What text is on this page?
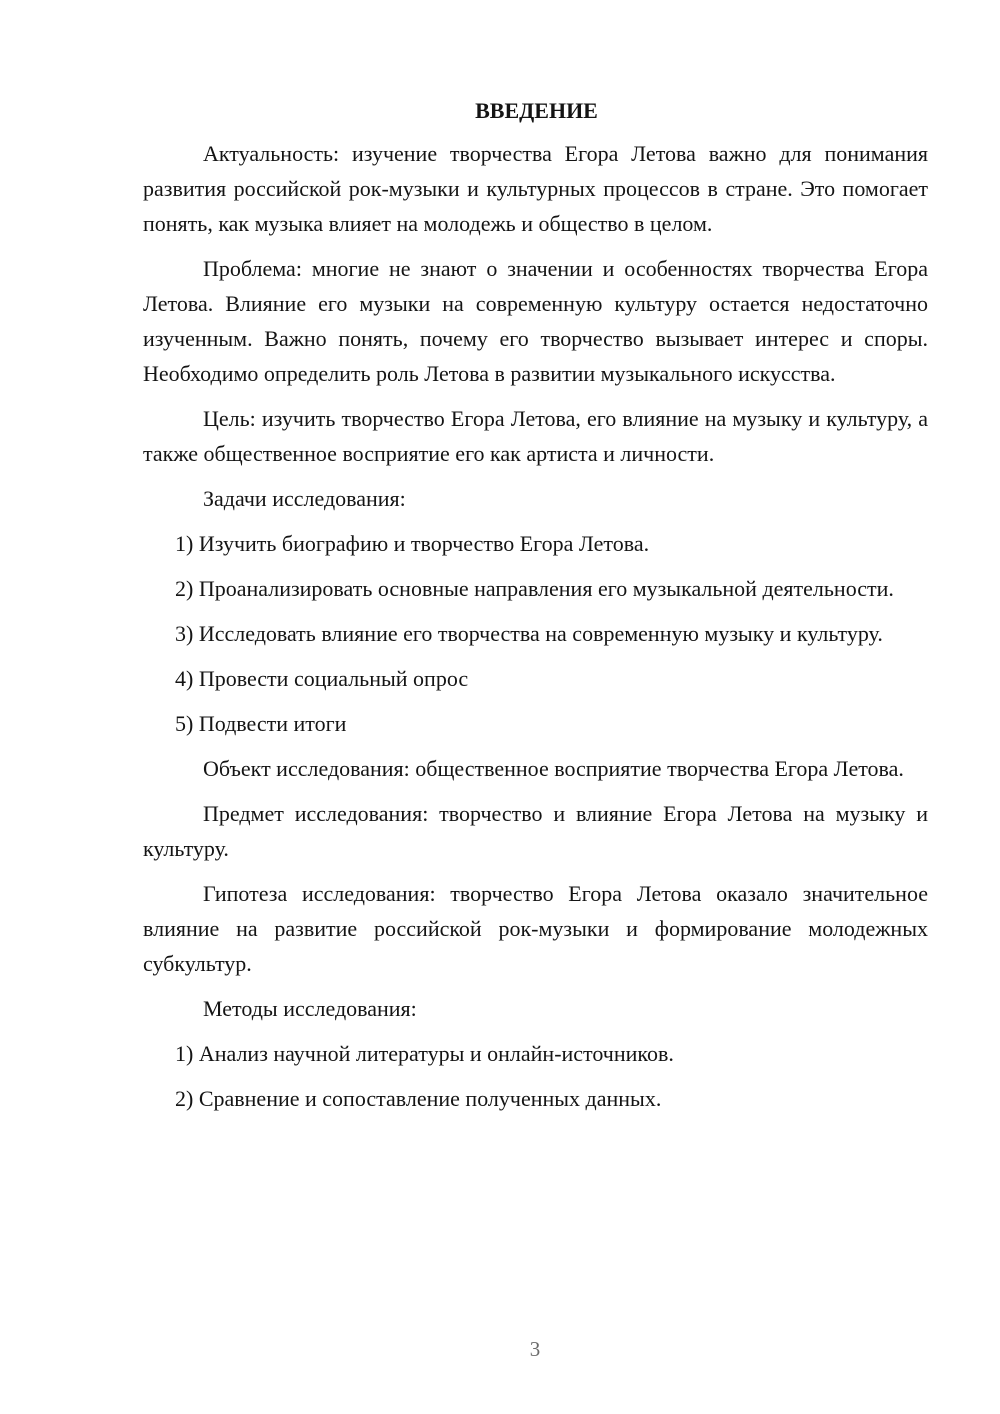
ВВЕДЕНИЕ

Актуальность: изучение творчества Егора Летова важно для понимания развития российской рок-музыки и культурных процессов в стране. Это помогает понять, как музыка влияет на молодежь и общество в целом.

Проблема: многие не знают о значении и особенностях творчества Егора Летова. Влияние его музыки на современную культуру остается недостаточно изученным. Важно понять, почему его творчество вызывает интерес и споры. Необходимо определить роль Летова в развитии музыкального искусства.

Цель: изучить творчество Егора Летова, его влияние на музыку и культуру, а также общественное восприятие его как артиста и личности.

Задачи исследования:

1) Изучить биографию и творчество Егора Летова.

2) Проанализировать основные направления его музыкальной деятельности.

3) Исследовать влияние его творчества на современную музыку и культуру.

4) Провести социальный опрос

5) Подвести итоги

Объект исследования: общественное восприятие творчества Егора Летова.

Предмет исследования: творчество и влияние Егора Летова на музыку и культуру.

Гипотеза исследования: творчество Егора Летова оказало значительное влияние на развитие российской рок-музыки и формирование молодежных субкультур.

Методы исследования:

1) Анализ научной литературы и онлайн-источников.

2) Сравнение и сопоставление полученных данных.

3
